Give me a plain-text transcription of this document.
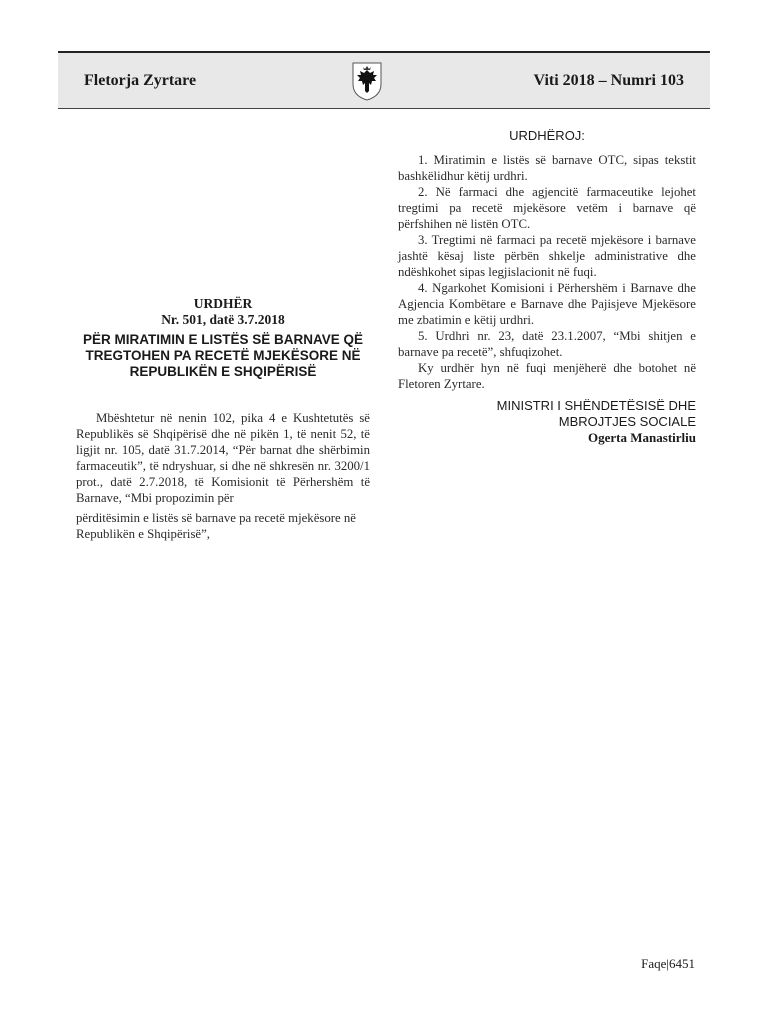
Fletorja Zyrtare	Viti 2018 – Numri 103

URDHËR

Nr. 501, datë 3.7.2018

PËR MIRATIMIN E LISTËS SË BARNAVE QË TREGTOHEN PA RECETË MJEKËSORE NË REPUBLIKËN E SHQIPËRISË

Mbështetur në nenin 102, pika 4 e Kushtetutës së Republikës së Shqipërisë dhe në pikën 1, të nenit 52, të ligjit nr. 105, datë 31.7.2014, “Për barnat dhe shërbimin farmaceutik”, të ndryshuar, si dhe në shkresën nr. 3200/1 prot., datë 2.7.2018, të Komisionit të Përhershëm të Barnave, “Mbi propozimin për

përditësimin e listës së barnave pa recetë mjekësore në Republikën e Shqipërisë”,

URDHËROJ:

1. Miratimin e listës së barnave OTC, sipas tekstit bashkëlidhur këtij urdhri.

2. Në farmaci dhe agjencitë farmaceutike lejohet tregtimi pa recetë mjekësore vetëm i barnave që përfshihen në listën OTC.

3. Tregtimi në farmaci pa recetë mjekësore i barnave jashtë kësaj liste përbën shkelje administrative dhe ndëshkohet sipas legjislacionit në fuqi.

4. Ngarkohet Komisioni i Përhershëm i Barnave dhe Agjencia Kombëtare e Barnave dhe Pajisjeve Mjekësore me zbatimin e këtij urdhri.

5. Urdhri nr. 23, datë 23.1.2007, “Mbi shitjen e barnave pa recetë”, shfuqizohet.

Ky urdhër hyn në fuqi menjëherë dhe botohet në Fletoren Zyrtare.

MINISTRI I SHËNDETËSISË DHE

MBROJTJES SOCIALE

Ogerta Manastirliu

Faqe|6451
